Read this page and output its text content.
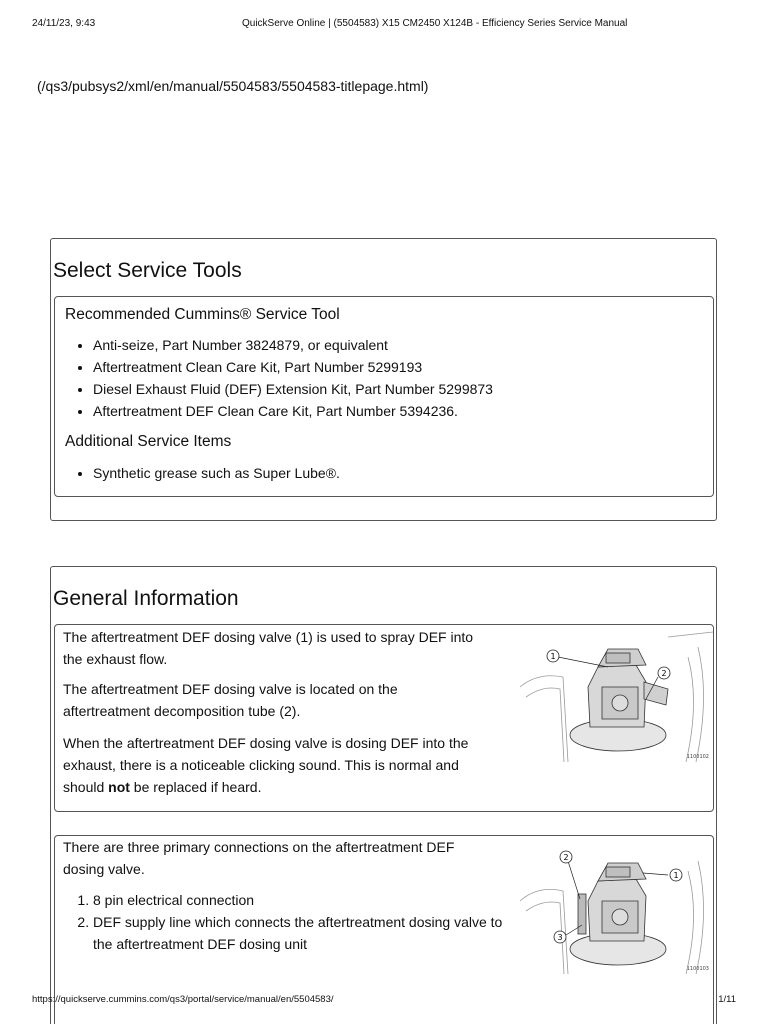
24/11/23, 9:43	QuickServe Online | (5504583) X15 CM2450 X124B - Efficiency Series Service Manual
(/qs3/pubsys2/xml/en/manual/5504583/5504583-titlepage.html)
Select Service Tools
Recommended Cummins® Service Tool
• Anti-seize, Part Number 3824879, or equivalent
• Aftertreatment Clean Care Kit, Part Number 5299193
• Diesel Exhaust Fluid (DEF) Extension Kit, Part Number 5299873
• Aftertreatment DEF Clean Care Kit, Part Number 5394236.
Additional Service Items
• Synthetic grease such as Super Lube®.
General Information

The aftertreatment DEF dosing valve (1) is used to spray DEF into the exhaust flow.

The aftertreatment DEF dosing valve is located on the aftertreatment decomposition tube (2).

When the aftertreatment DEF dosing valve is dosing DEF into the exhaust, there is a noticeable clicking sound. This is normal and should not be replaced if heard.

1
2
1100102

There are three primary connections on the aftertreatment DEF dosing valve.

1. 8 pin electrical connection
2. DEF supply line which connects the aftertreatment dosing valve to the aftertreatment DEF dosing unit
2
1
3
1100103
https://quickserve.cummins.com/qs3/portal/service/manual/en/5504583/	1/11
